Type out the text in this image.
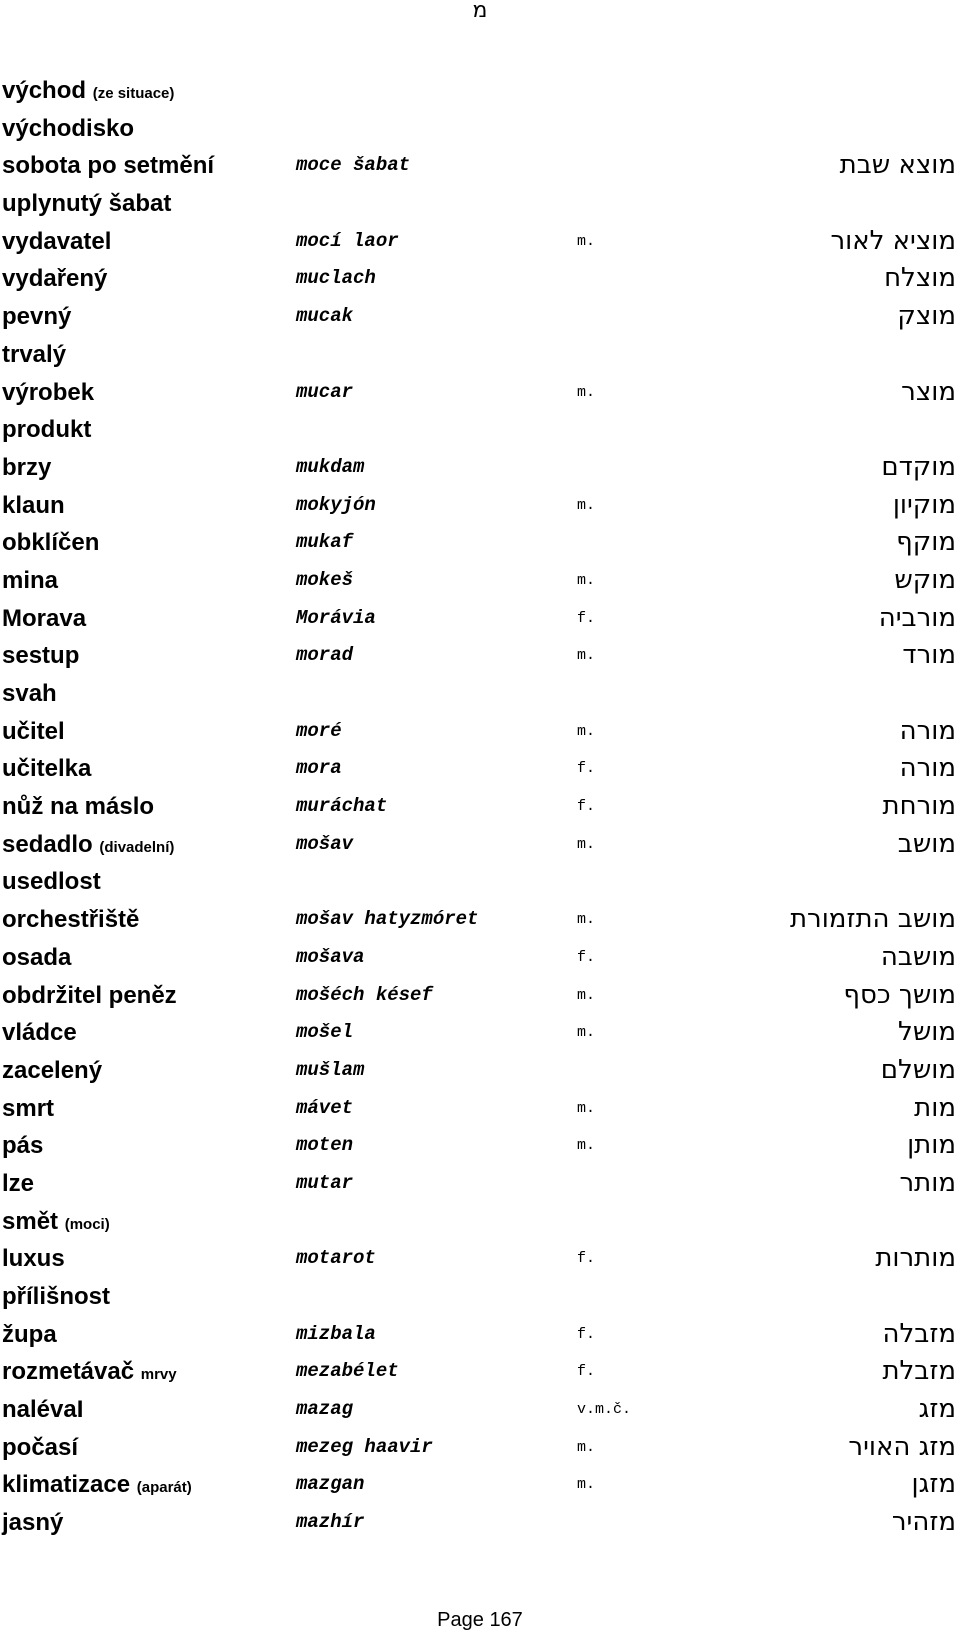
מ
východ (ze situace)
východisko
sobota po setmění	moce šabat	מוצא שבת
uplynutý šabat
vydavatel	mocí laor	m.	מוציא לאור
vydařený	muclach	מוצלח
pevný	mucak	מוצק
trvalý
výrobek	mucar	m.	מוצר
produkt
brzy	mukdam	מוקדם
klaun	mokyjón	m.	מוקיון
obklíčen	mukaf	מוקף
mina	mokeš	m.	מוקש
Morava	Morávia	f.	מורביה
sestup	morad	m.	מורד
svah
učitel	moré	m.	מורה
učitelka	mora	f.	מורה
nůž na máslo	muráchat	f.	מורחת
sedadlo (divadelní)	mošav	m.	מושב
usedlost
orchestřiště	mošav hatyzmóret	m.	מושב התזמורת
osada	mošava	f.	מושבה
obdržitel peněz	mošéch késef	m.	מושך כסף
vládce	mošel	m.	מושל
zacelený	mušlam	מושלם
smrt	mávet	m.	מות
pás	moten	m.	מותן
lze	mutar	מותר
smět (moci)
luxus	motarot	f.	מותרות
přílišnost
župa	mizbala	f.	מזבלה
rozmetávač mrvy	mezabélet	f.	מזבלת
nalévaI	mazag	v.m.č.	מזג
počasí	mezeg haavir	m.	מזג האויר
klimatizace (aparát)	mazgan	m.	מזגן
jasný	mazhír	מזהיר
Page 167
